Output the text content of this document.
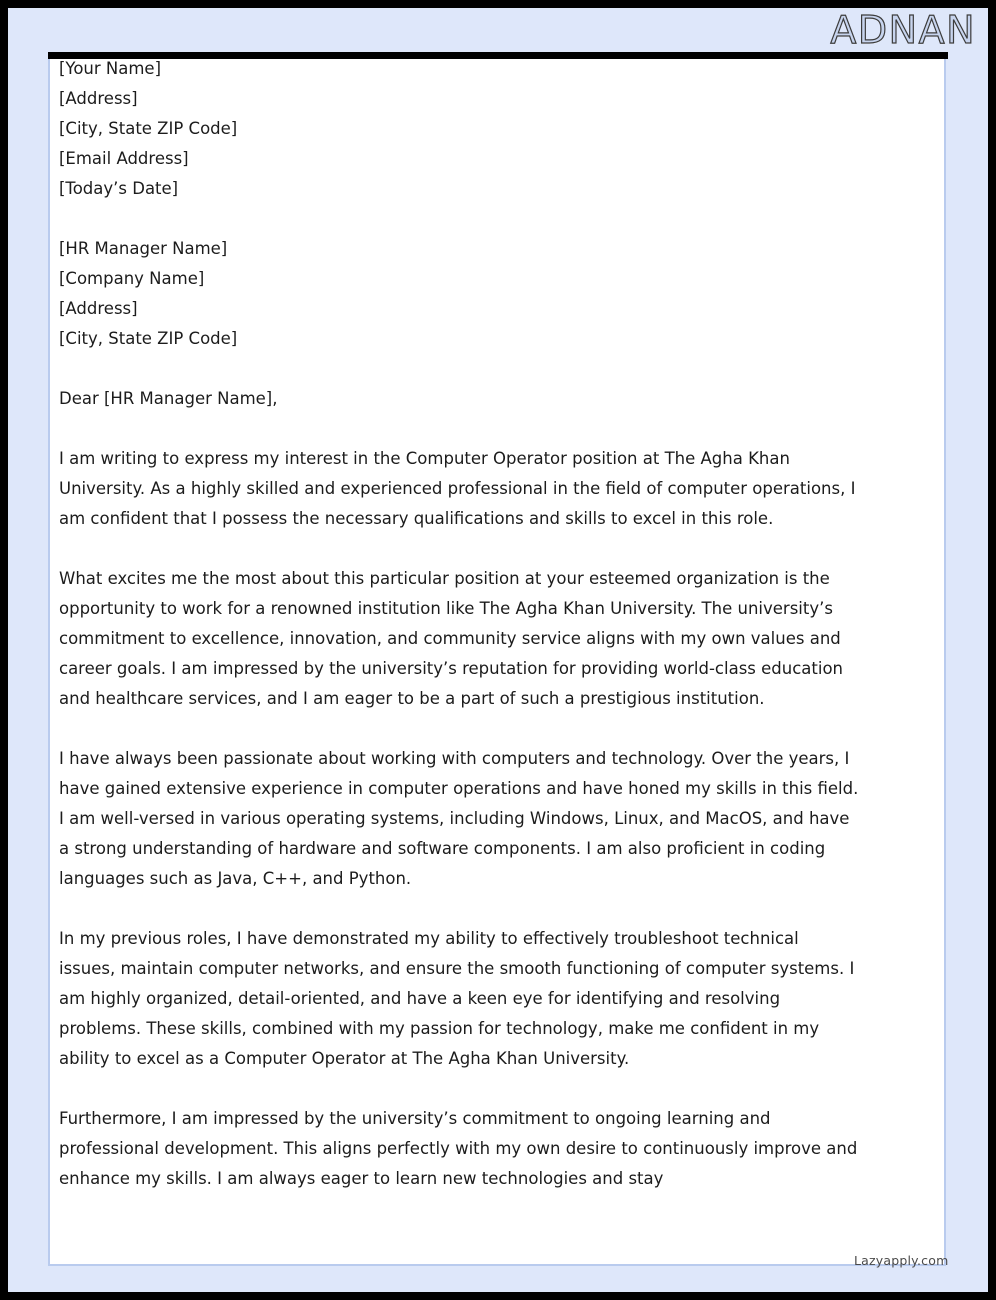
ADNAN
[Your Name]
[Address]
[City, State ZIP Code]
[Email Address]
[Today’s Date]
[HR Manager Name]
[Company Name]
[Address]
[City, State ZIP Code]

Dear [HR Manager Name],

I am writing to express my interest in the Computer Operator position at The Agha Khan University. As a highly skilled and experienced professional in the field of computer operations, I am confident that I possess the necessary qualifications and skills to excel in this role.

What excites me the most about this particular position at your esteemed organization is the opportunity to work for a renowned institution like The Agha Khan University. The university’s commitment to excellence, innovation, and community service aligns with my own values and career goals. I am impressed by the university’s reputation for providing world-class education and healthcare services, and I am eager to be a part of such a prestigious institution.

I have always been passionate about working with computers and technology. Over the years, I have gained extensive experience in computer operations and have honed my skills in this field. I am well-versed in various operating systems, including Windows, Linux, and MacOS, and have a strong understanding of hardware and software components. I am also proficient in coding languages such as Java, C++, and Python.

In my previous roles, I have demonstrated my ability to effectively troubleshoot technical issues, maintain computer networks, and ensure the smooth functioning of computer systems. I am highly organized, detail-oriented, and have a keen eye for identifying and resolving problems. These skills, combined with my passion for technology, make me confident in my ability to excel as a Computer Operator at The Agha Khan University.

Furthermore, I am impressed by the university’s commitment to ongoing learning and professional development. This aligns perfectly with my own desire to continuously improve and enhance my skills. I am always eager to learn new technologies and stay

Lazyapply.com
